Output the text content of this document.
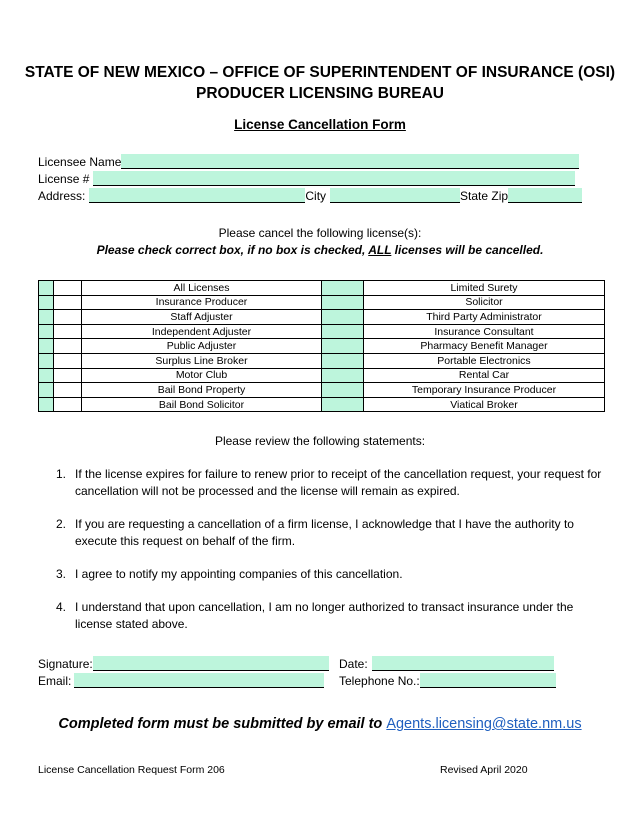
STATE OF NEW MEXICO – OFFICE OF SUPERINTENDENT OF INSURANCE (OSI)
PRODUCER LICENSING BUREAU
License Cancellation Form
Licensee Name
License #
Address:	City	State Zip
Please cancel the following license(s):
Please check correct box, if no box is checked, ALL licenses will be cancelled.
		All Licenses		Limited Surety
		Insurance Producer		Solicitor
		Staff Adjuster		Third Party Administrator
		Independent Adjuster		Insurance Consultant
		Public Adjuster		Pharmacy Benefit Manager
		Surplus Line Broker		Portable Electronics
		Motor Club		Rental Car
		Bail Bond Property		Temporary Insurance Producer
		Bail Bond Solicitor		Viatical Broker
Please review the following statements:
1. If the license expires for failure to renew prior to receipt of the cancellation request, your request for cancellation will not be processed and the license will remain as expired.
2. If you are requesting a cancellation of a firm license, I acknowledge that I have the authority to execute this request on behalf of the firm.
3. I agree to notify my appointing companies of this cancellation.
4. I understand that upon cancellation, I am no longer authorized to transact insurance under the license stated above.
Signature:	Date:
Email:	Telephone No.:
Completed form must be submitted by email to Agents.licensing@state.nm.us
License Cancellation Request Form 206	Revised April 2020
